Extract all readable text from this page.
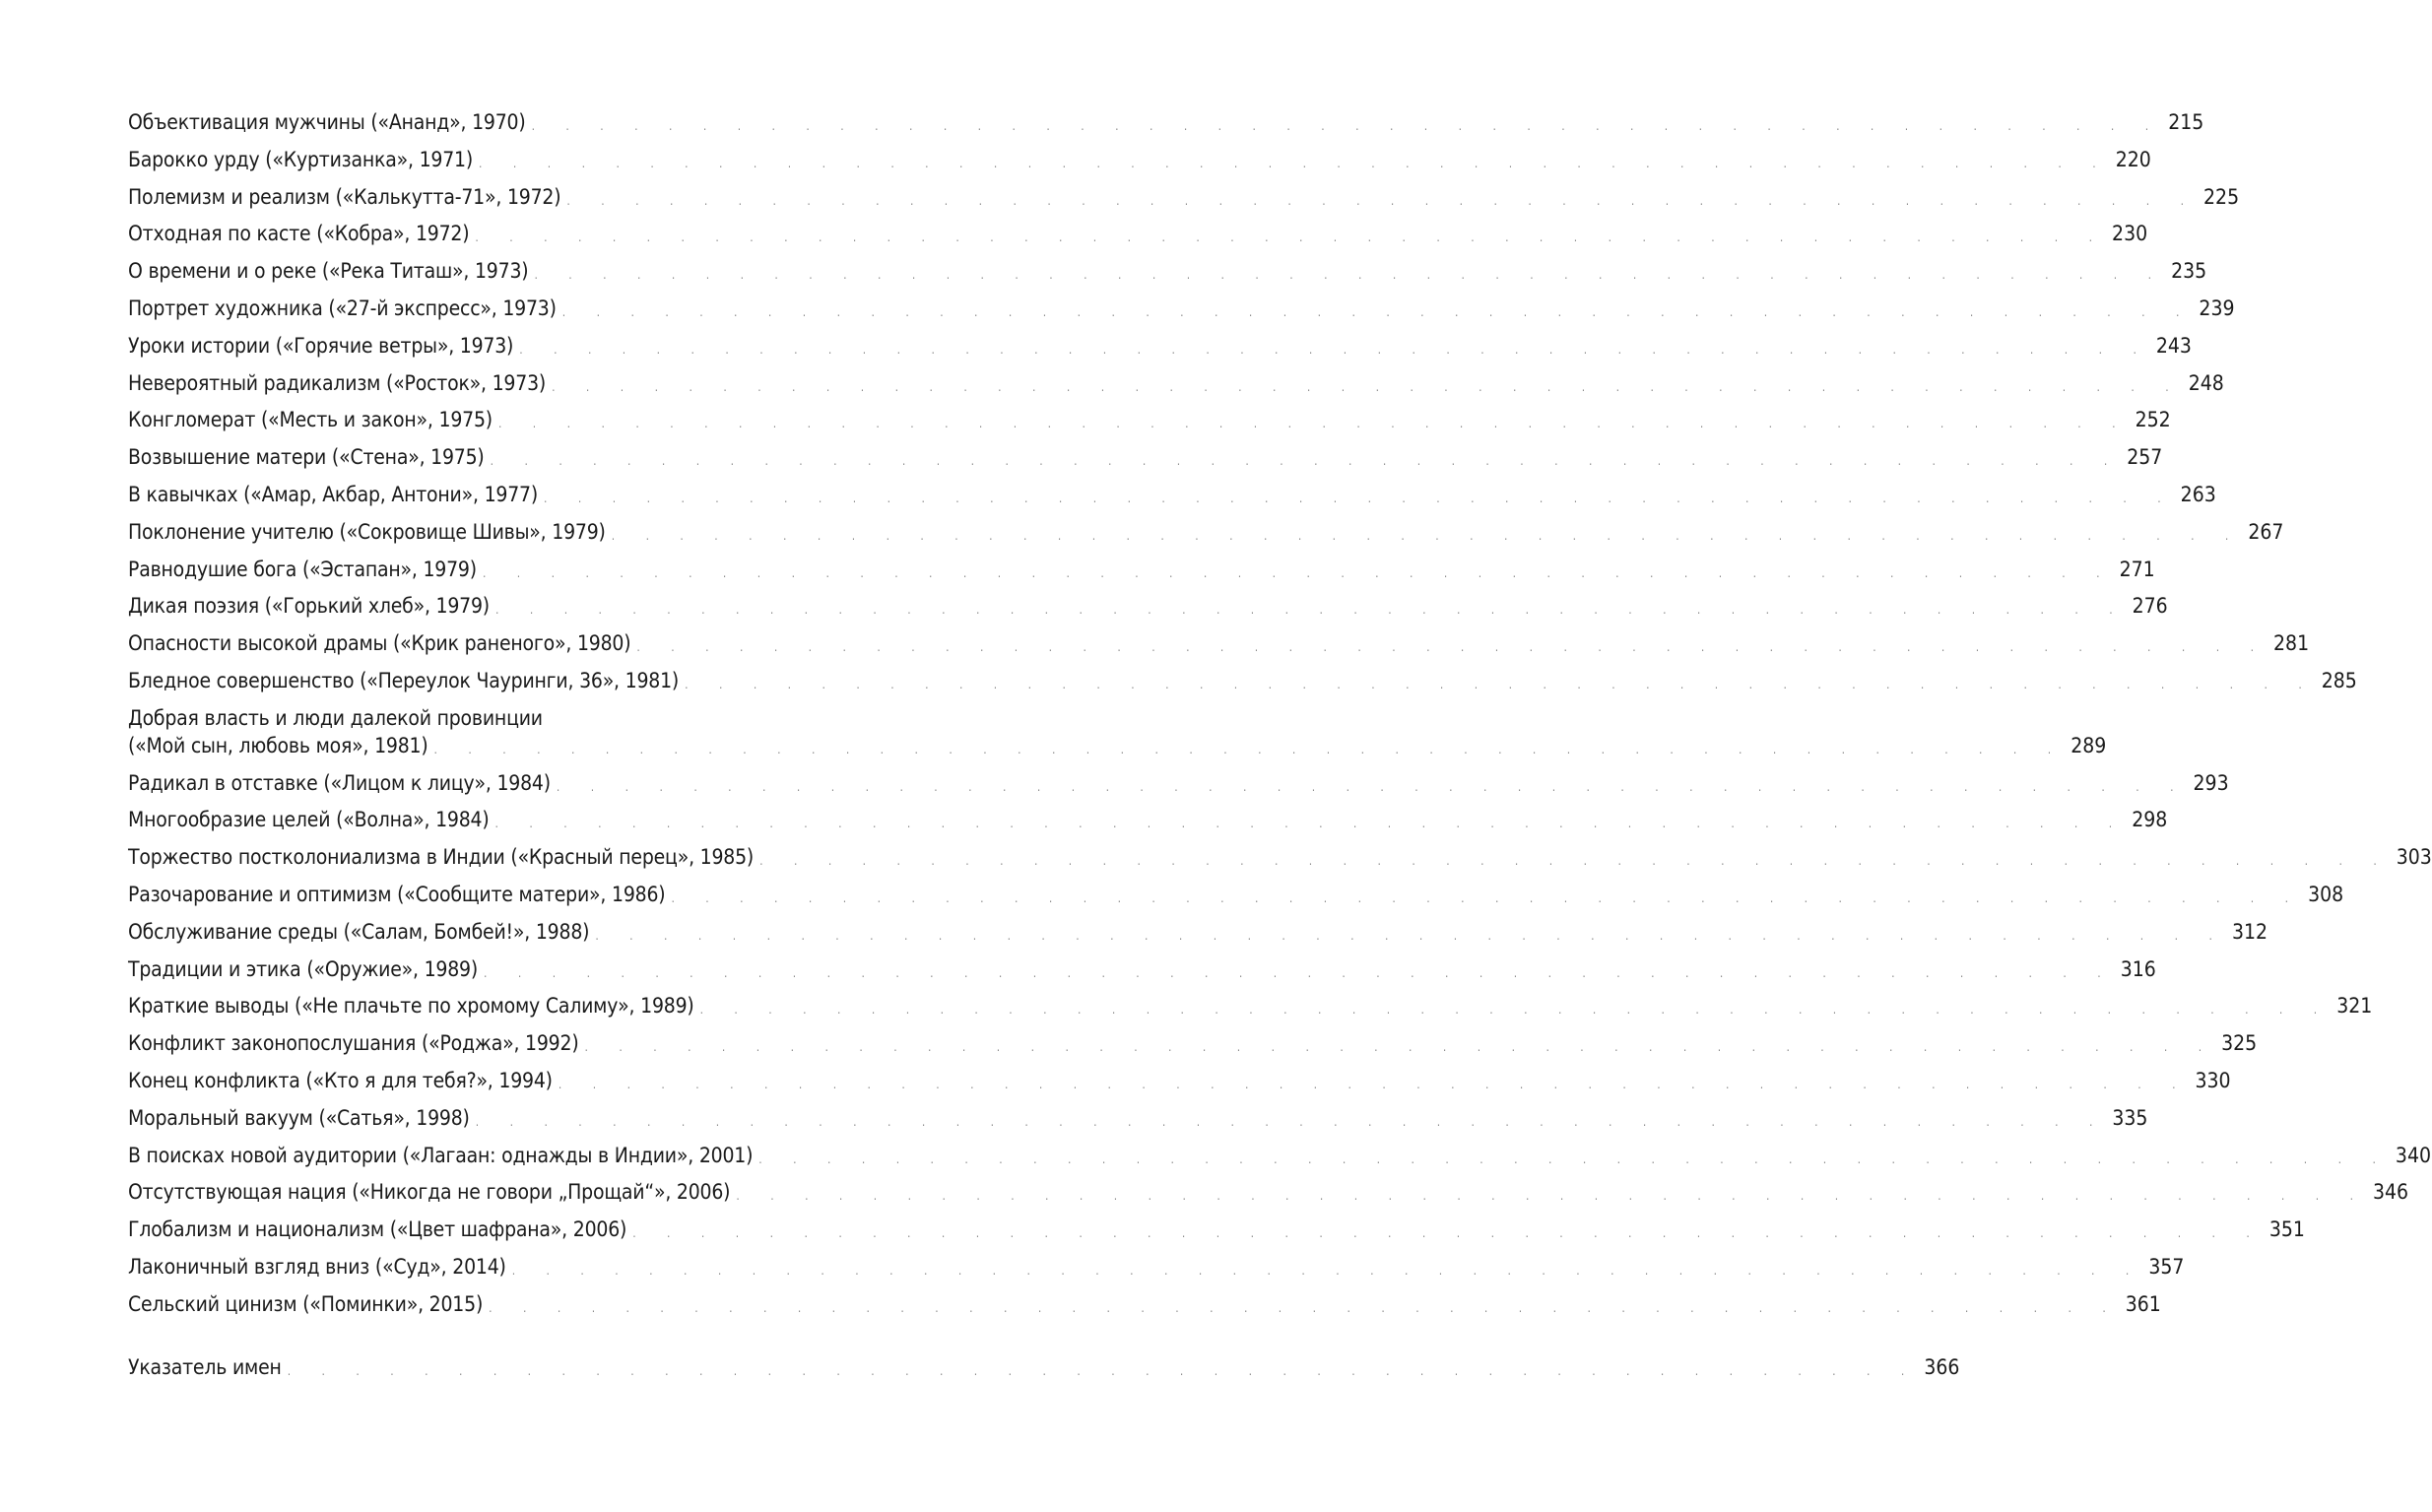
Объективация мужчины («Ананд», 1970) . . . . . . . . . . . . . . . . . . . . . . . . . . . . . . . . . . . . . . . . . . . . . . . . 215
Барокко урду («Куртизанка», 1971) . . . . . . . . . . . . . . . . . . . . . . . . . . . . . . . . . . . . . . . . . . . . . . . . 220
Полемизм и реализм («Калькутта-71», 1972) . . . . . . . . . . . . . . . . . . . . . . . . . . . . . . . . . . . . . . . . . . . . . . . . 225
Отходная по касте («Кобра», 1972) . . . . . . . . . . . . . . . . . . . . . . . . . . . . . . . . . . . . . . . . . . . . . . . . 230
О времени и о реке («Река Титаш», 1973) . . . . . . . . . . . . . . . . . . . . . . . . . . . . . . . . . . . . . . . . . . . . . . . . 235
Портрет художника («27-й экспресс», 1973) . . . . . . . . . . . . . . . . . . . . . . . . . . . . . . . . . . . . . . . . . . . . . . . . 239
Уроки истории («Горячие ветры», 1973) . . . . . . . . . . . . . . . . . . . . . . . . . . . . . . . . . . . . . . . . . . . . . . . . 243
Невероятный радикализм («Росток», 1973) . . . . . . . . . . . . . . . . . . . . . . . . . . . . . . . . . . . . . . . . . . . . . . . . 248
Конгломерат («Месть и закон», 1975) . . . . . . . . . . . . . . . . . . . . . . . . . . . . . . . . . . . . . . . . . . . . . . . . 252
Возвышение матери («Стена», 1975) . . . . . . . . . . . . . . . . . . . . . . . . . . . . . . . . . . . . . . . . . . . . . . . . 257
В кавычках («Амар, Акбар, Антони», 1977) . . . . . . . . . . . . . . . . . . . . . . . . . . . . . . . . . . . . . . . . . . . . . . . . 263
Поклонение учителю («Сокровище Шивы», 1979) . . . . . . . . . . . . . . . . . . . . . . . . . . . . . . . . . . . . . . . . . . . . . . . . 267
Равнодушие бога («Эстапан», 1979) . . . . . . . . . . . . . . . . . . . . . . . . . . . . . . . . . . . . . . . . . . . . . . . . 271
Дикая поэзия («Горький хлеб», 1979) . . . . . . . . . . . . . . . . . . . . . . . . . . . . . . . . . . . . . . . . . . . . . . . . 276
Опасности высокой драмы («Крик раненого», 1980) . . . . . . . . . . . . . . . . . . . . . . . . . . . . . . . . . . . . . . . . . . . . . . . . 281
Бледное совершенство («Переулок Чауринги, 36», 1981) . . . . . . . . . . . . . . . . . . . . . . . . . . . . . . . . . . . . . . . . . . . . . . . . 285
Добрая власть и люди далекой провинции
(«Мой сын, любовь моя», 1981) . . . . . . . . . . . . . . . . . . . . . . . . . . . . . . . . . . . . . . . . . . . . . . . . 289
Радикал в отставке («Лицом к лицу», 1984) . . . . . . . . . . . . . . . . . . . . . . . . . . . . . . . . . . . . . . . . . . . . . . . . 293
Многообразие целей («Волна», 1984) . . . . . . . . . . . . . . . . . . . . . . . . . . . . . . . . . . . . . . . . . . . . . . . . 298
Торжество постколониализма в Индии («Красный перец», 1985) . . . . . . . . . . . . . . . . . . . . . . . . . . . . . . . . . . . . . . . . . . . . . . . . 303
Разочарование и оптимизм («Сообщите матери», 1986) . . . . . . . . . . . . . . . . . . . . . . . . . . . . . . . . . . . . . . . . . . . . . . . . 308
Обслуживание среды («Салам, Бомбей!», 1988) . . . . . . . . . . . . . . . . . . . . . . . . . . . . . . . . . . . . . . . . . . . . . . . . 312
Традиции и этика («Оружие», 1989) . . . . . . . . . . . . . . . . . . . . . . . . . . . . . . . . . . . . . . . . . . . . . . . . 316
Краткие выводы («Не плачьте по хромому Салиму», 1989) . . . . . . . . . . . . . . . . . . . . . . . . . . . . . . . . . . . . . . . . . . . . . . . . 321
Конфликт законопослушания («Роджа», 1992) . . . . . . . . . . . . . . . . . . . . . . . . . . . . . . . . . . . . . . . . . . . . . . . . 325
Конец конфликта («Кто я для тебя?», 1994) . . . . . . . . . . . . . . . . . . . . . . . . . . . . . . . . . . . . . . . . . . . . . . . . 330
Моральный вакуум («Сатья», 1998) . . . . . . . . . . . . . . . . . . . . . . . . . . . . . . . . . . . . . . . . . . . . . . . . 335
В поисках новой аудитории («Лагаан: однажды в Индии», 2001) . . . . . . . . . . . . . . . . . . . . . . . . . . . . . . . . . . . . . . . . . . . . . . . . 340
Отсутствующая нация («Никогда не говори „Прощай“», 2006) . . . . . . . . . . . . . . . . . . . . . . . . . . . . . . . . . . . . . . . . . . . . . . . . 346
Глобализм и национализм («Цвет шафрана», 2006) . . . . . . . . . . . . . . . . . . . . . . . . . . . . . . . . . . . . . . . . . . . . . . . . 351
Лаконичный взгляд вниз («Суд», 2014) . . . . . . . . . . . . . . . . . . . . . . . . . . . . . . . . . . . . . . . . . . . . . . . . 357
Сельский цинизм («Поминки», 2015) . . . . . . . . . . . . . . . . . . . . . . . . . . . . . . . . . . . . . . . . . . . . . . . . 361
Указатель имен . . . . . . . . . . . . . . . . . . . . . . . . . . . . . . . . . . . . . . . . . . . . . . . . 366
